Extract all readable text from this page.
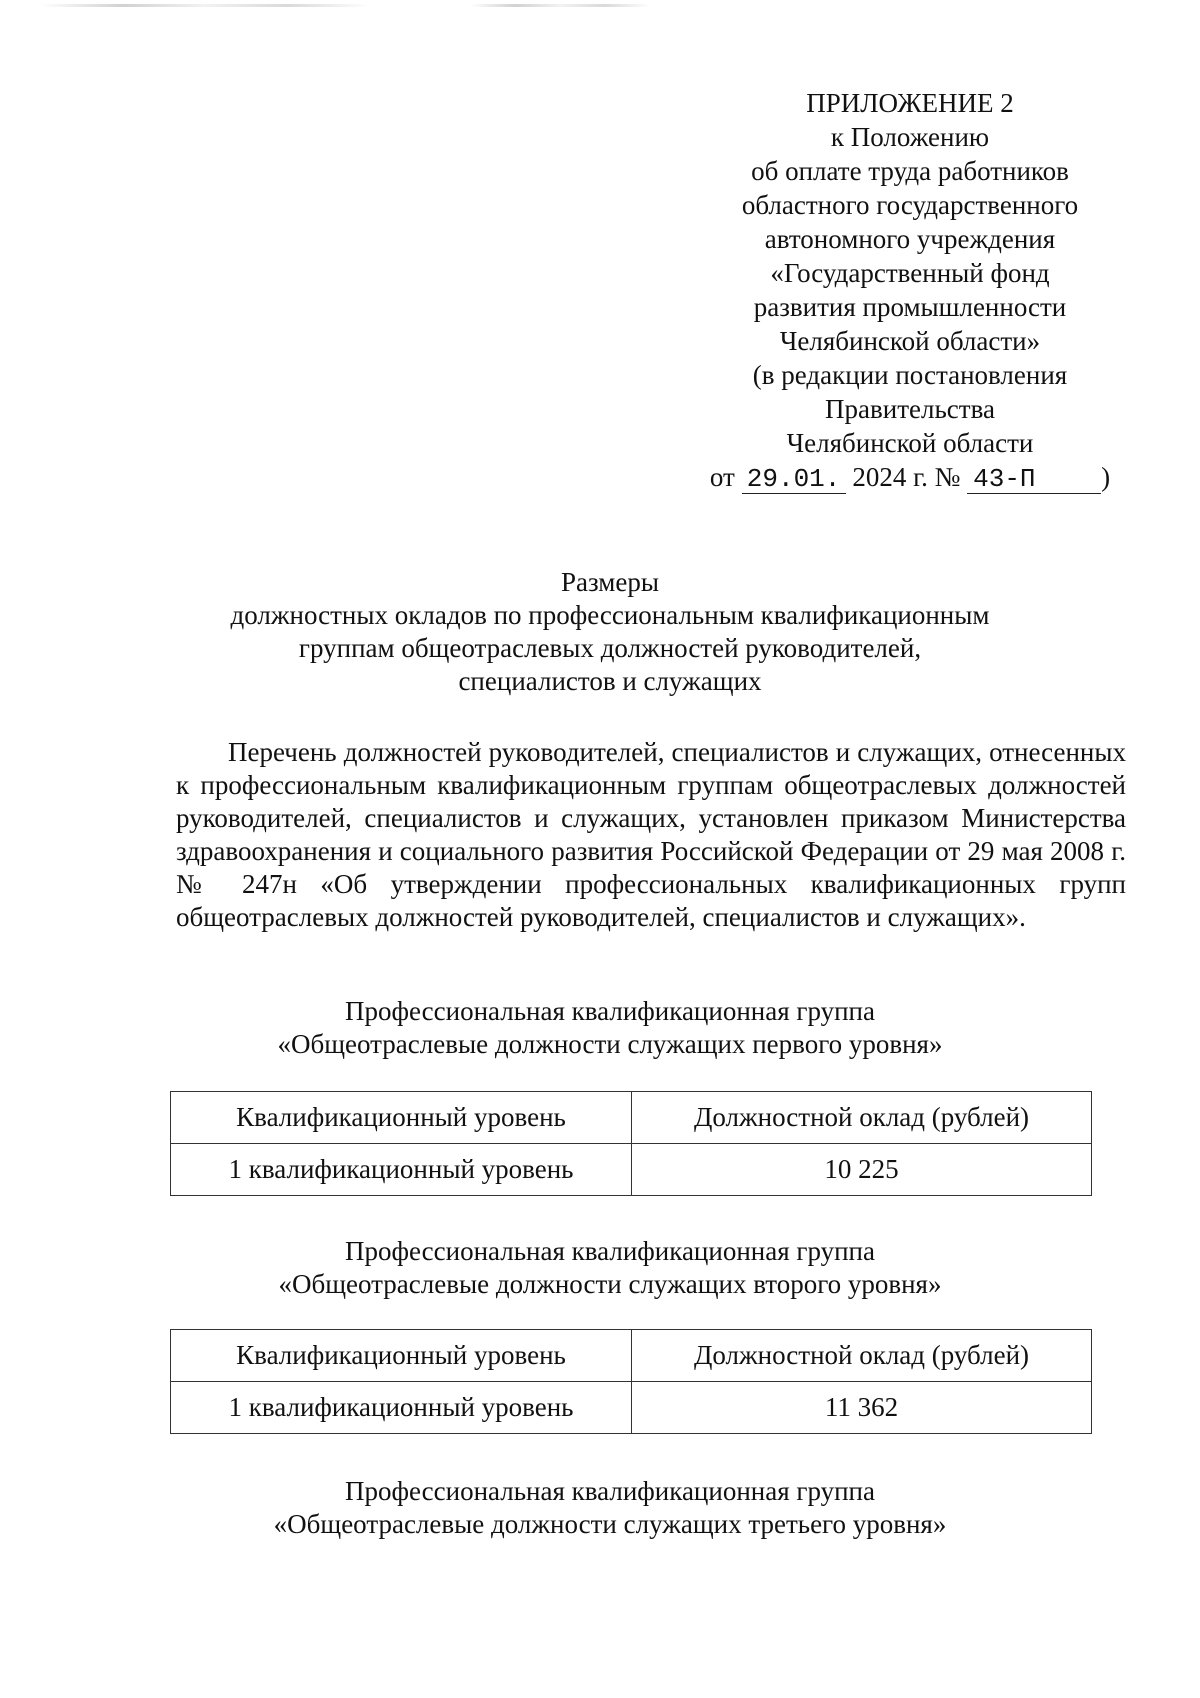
ПРИЛОЖЕНИЕ 2
к Положению
об оплате труда работников
областного государственного
автономного учреждения
«Государственный фонд
развития промышленности
Челябинской области»
(в редакции постановления
Правительства
Челябинской области
от 29.01. 2024 г. № 43-П )
Размеры
должностных окладов по профессиональным квалификационным
группам общеотраслевых должностей руководителей,
специалистов и служащих

Перечень должностей руководителей, специалистов и служащих, отнесенных к профессиональным квалификационным группам общеотраслевых должностей руководителей, специалистов и служащих, установлен приказом Министерства здравоохранения и социального развития Российской Федерации от 29 мая 2008 г. № 247н «Об утверждении профессиональных квалификационных групп общеотраслевых должностей руководителей, специалистов и служащих».

Профессиональная квалификационная группа
«Общеотраслевые должности служащих первого уровня»
Квалификационный уровень	Должностной оклад (рублей)
1 квалификационный уровень	10 225
Профессиональная квалификационная группа
«Общеотраслевые должности служащих второго уровня»
Квалификационный уровень	Должностной оклад (рублей)
1 квалификационный уровень	11 362
Профессиональная квалификационная группа
«Общеотраслевые должности служащих третьего уровня»
